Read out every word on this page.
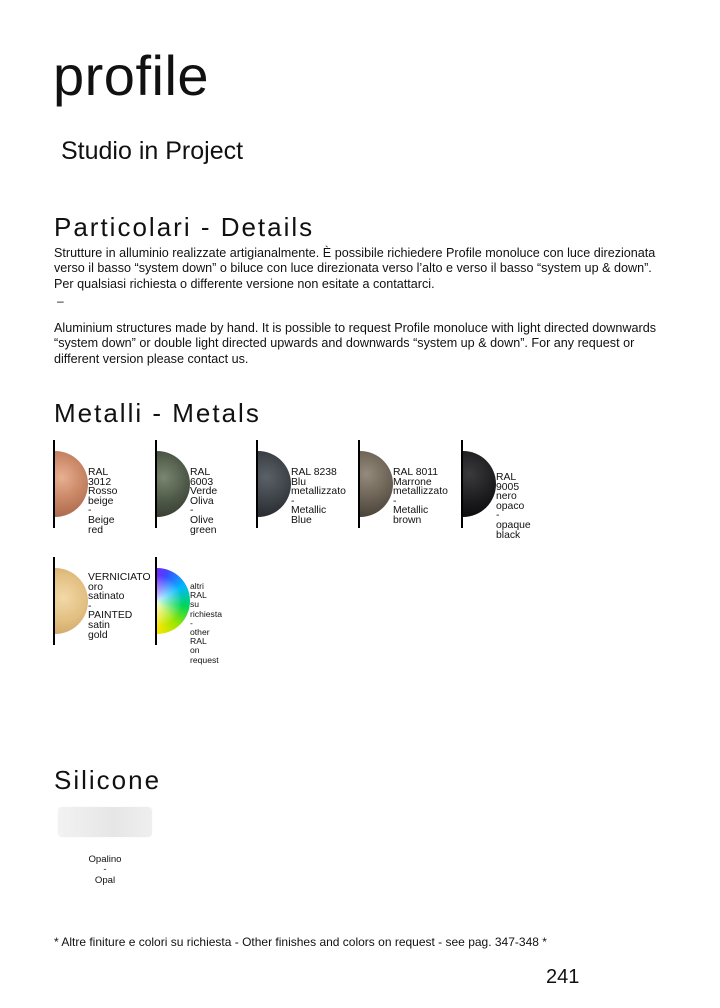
profile
Studio in Project
Particolari - Details
Strutture in alluminio realizzate artigianalmente. È possibile richiedere Profile monoluce con luce direzionata verso il basso “system down” o biluce con luce direzionata verso l’alto e verso il basso “system up & down”. Per qualsiasi richiesta o differente versione non esitate a contattarci.
–
Aluminium structures made by hand. It is possible to request Profile monoluce with light directed downwards “system down” or double light directed upwards and downwards “system up & down”. For any request or different version please contact us.
Metalli - Metals
RAL 3012
Rosso beige
-
Beige red
RAL 6003
Verde Oliva
-
Olive green
RAL 8238
Blu
metallizzato
-
Metallic Blue
RAL 8011
Marrone
metallizzato
-
Metallic
brown
RAL 9005
nero opaco
-
opaque
black
VERNICIATO
oro
satinato
-
PAINTED
satin
gold
altri RAL
su richiesta
-
other RAL
on request
Silicone
Opalino
-
Opal
* Altre finiture e colori su richiesta - Other finishes and colors on request - see pag. 347-348 *
241
